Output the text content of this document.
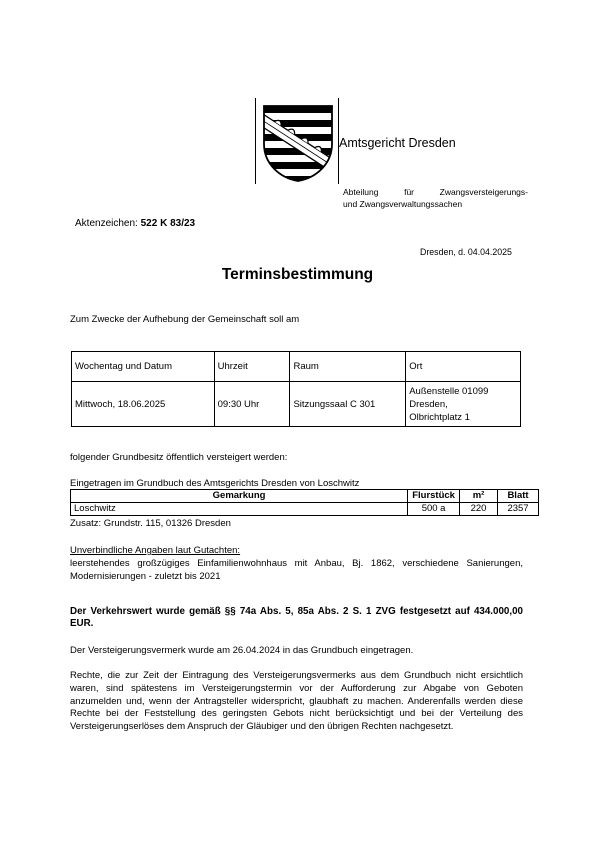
Amtsgericht Dresden
Abteilung für Zwangsversteigerungs-
und Zwangsverwaltungssachen
Aktenzeichen: 522 K 83/23
Dresden, d. 04.04.2025
Terminsbestimmung
Zum Zwecke der Aufhebung der Gemeinschaft soll am
Wochentag und Datum	Uhrzeit	Raum	Ort
Mittwoch, 18.06.2025	09:30 Uhr	Sitzungssaal C 301	Außenstelle 01099
Dresden,
Olbrichtplatz 1
folgender Grundbesitz öffentlich versteigert werden:
Eingetragen im Grundbuch des Amtsgerichts Dresden von Loschwitz
Gemarkung	Flurstück	m²	Blatt
Loschwitz	500 a	220	2357
Zusatz: Grundstr. 115, 01326 Dresden
Unverbindliche Angaben laut Gutachten:
leerstehendes großzügiges Einfamilienwohnhaus mit Anbau, Bj. 1862, verschiedene Sanierungen, Modernisierungen - zuletzt bis 2021
Der Verkehrswert wurde gemäß §§ 74a Abs. 5, 85a Abs. 2 S. 1 ZVG festgesetzt auf 434.000,00 EUR.
Der Versteigerungsvermerk wurde am 26.04.2024 in das Grundbuch eingetragen.
Rechte, die zur Zeit der Eintragung des Versteigerungsvermerks aus dem Grundbuch nicht ersichtlich waren, sind spätestens im Versteigerungstermin vor der Aufforderung zur Abgabe von Geboten anzumelden und, wenn der Antragsteller widerspricht, glaubhaft zu machen. Anderenfalls werden diese Rechte bei der Feststellung des geringsten Gebots nicht berücksichtigt und bei der Verteilung des Versteigerungserlöses dem Anspruch der Gläubiger und den übrigen Rechten nachgesetzt.
